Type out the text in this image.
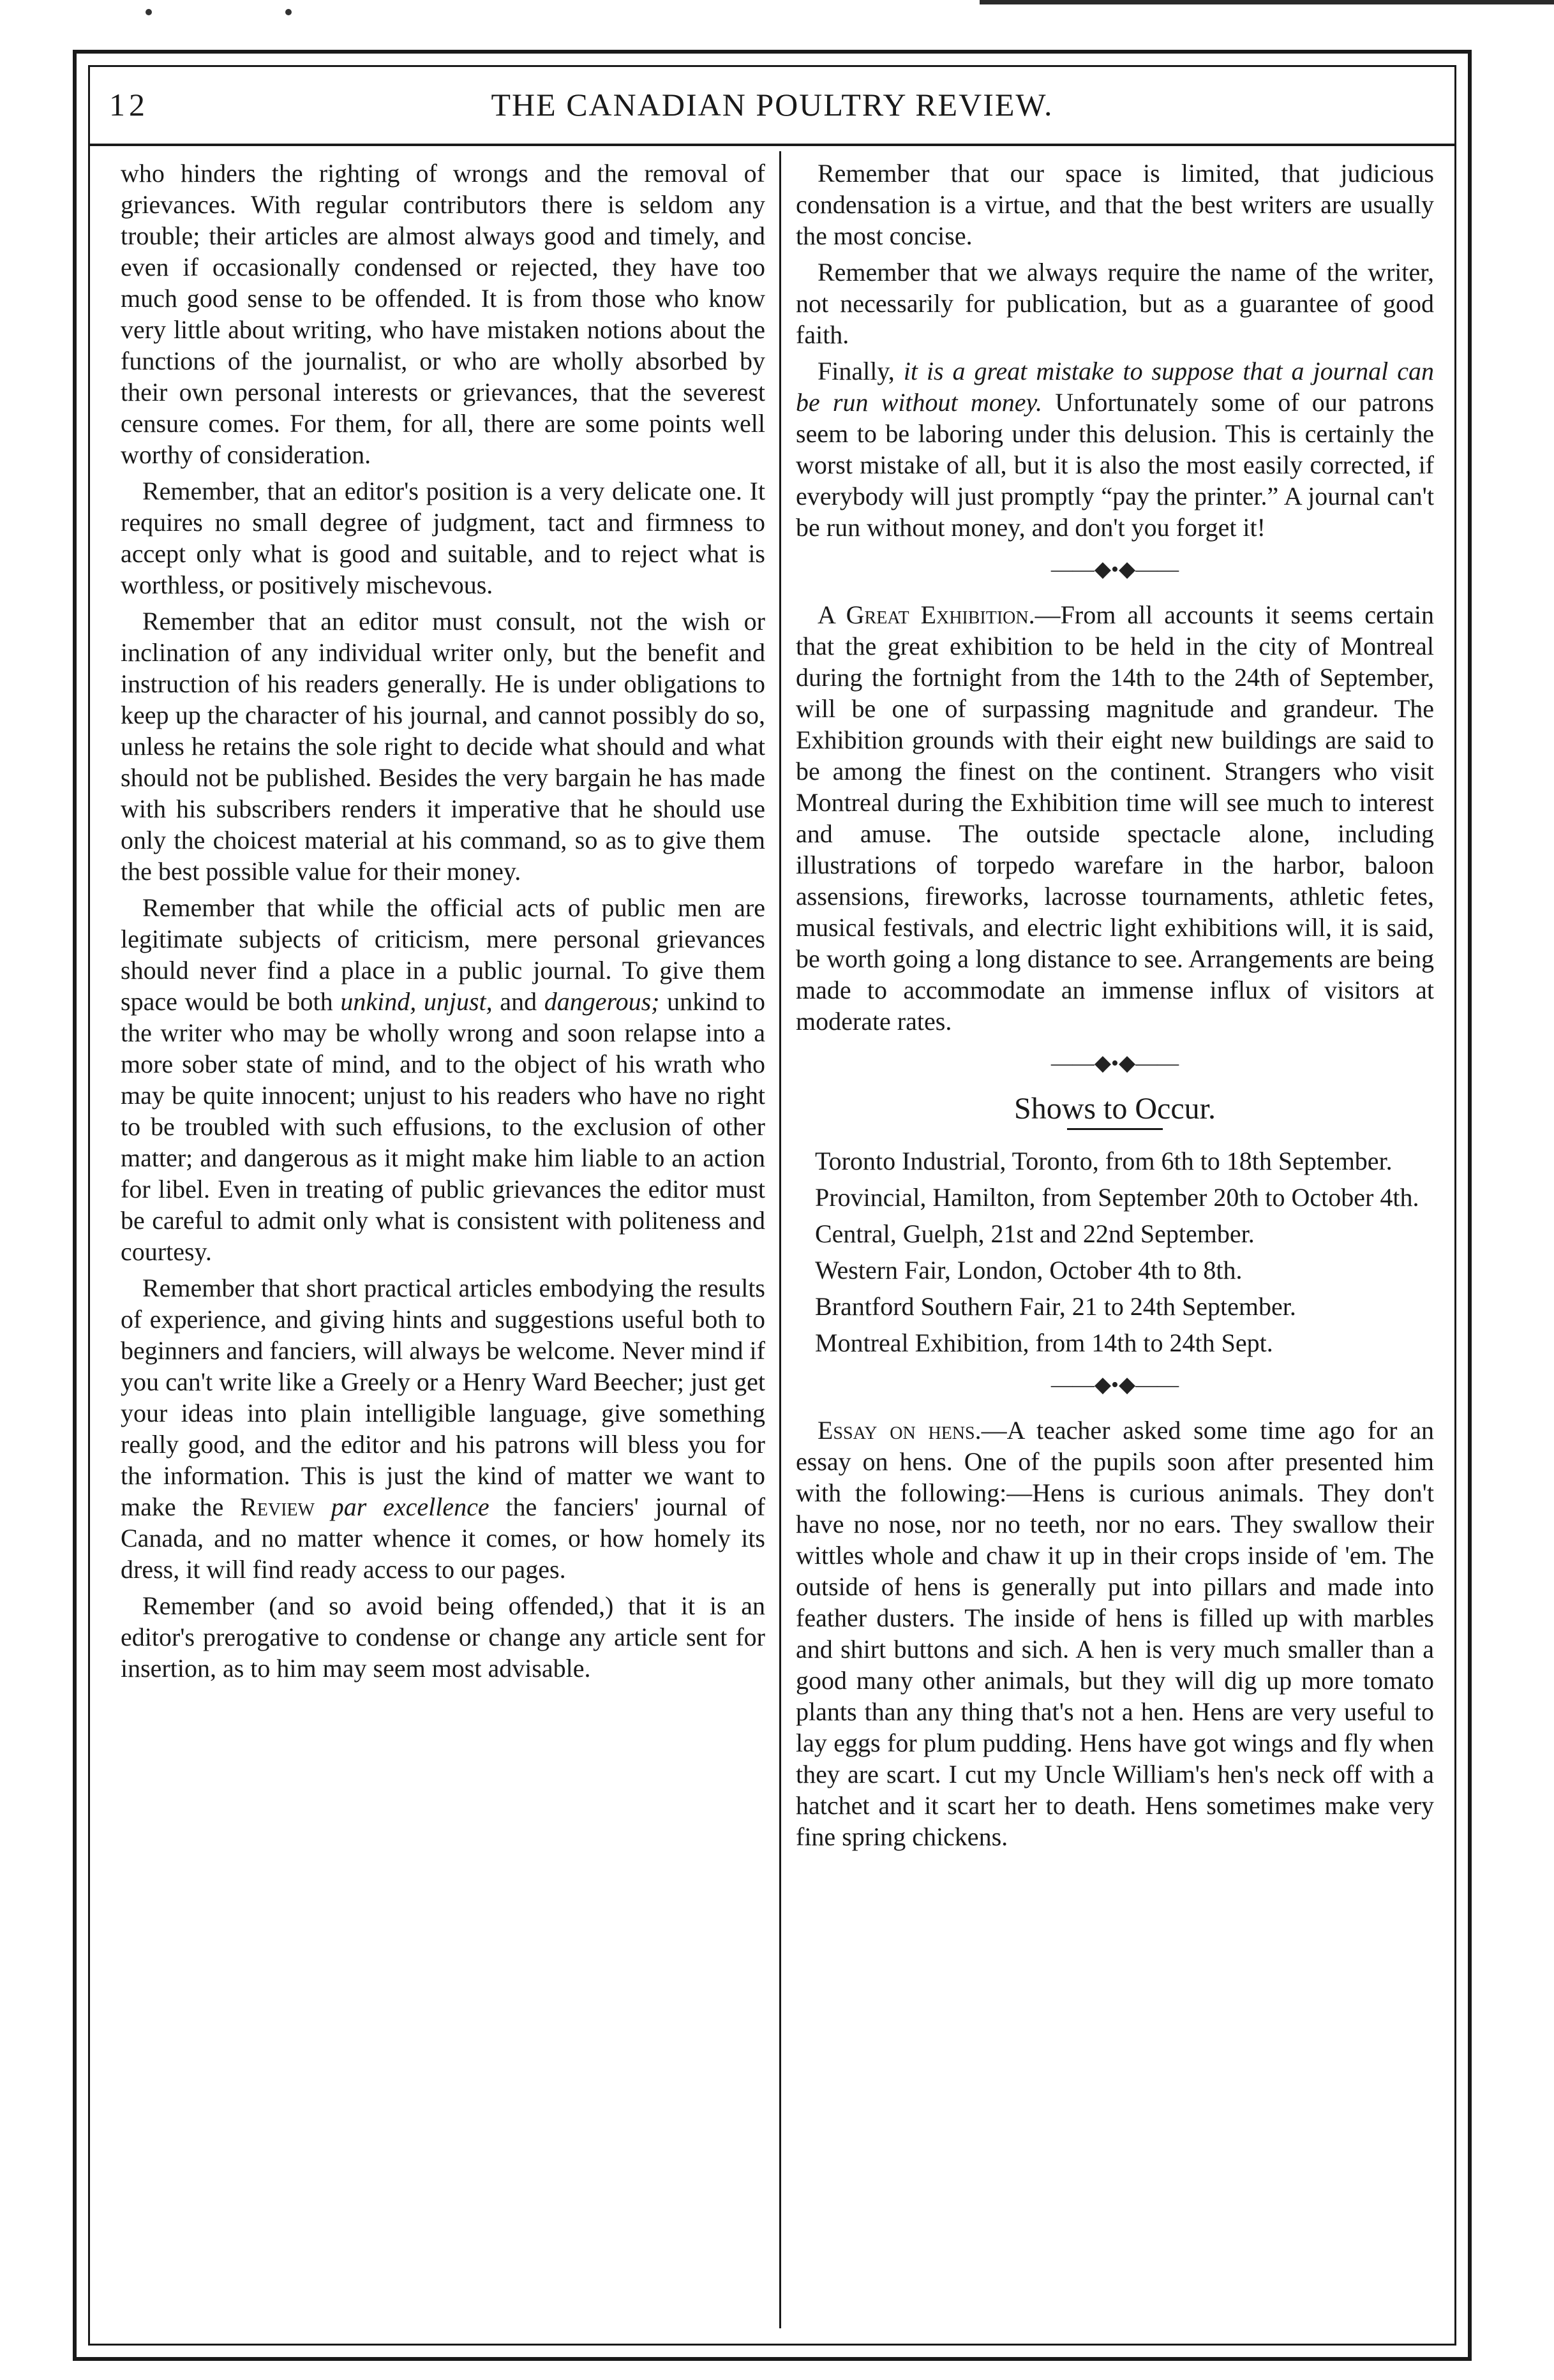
12	THE CANADIAN POULTRY REVIEW.

who hinders the righting of wrongs and the removal of grievances. With regular contributors there is seldom any trouble; their articles are almost always good and timely, and even if occasionally condensed or rejected, they have too much good sense to be offended. It is from those who know very little about writing, who have mistaken notions about the functions of the journalist, or who are wholly absorbed by their own personal interests or grievances, that the severest censure comes. For them, for all, there are some points well worthy of consideration.

Remember, that an editor's position is a very delicate one. It requires no small degree of judgment, tact and firmness to accept only what is good and suitable, and to reject what is worthless, or positively mischevous.

Remember that an editor must consult, not the wish or inclination of any individual writer only, but the benefit and instruction of his readers generally. He is under obligations to keep up the character of his journal, and cannot possibly do so, unless he retains the sole right to decide what should and what should not be published. Besides the very bargain he has made with his subscribers renders it imperative that he should use only the choicest material at his command, so as to give them the best possible value for their money.

Remember that while the official acts of public men are legitimate subjects of criticism, mere personal grievances should never find a place in a public journal. To give them space would be both unkind, unjust, and dangerous; unkind to the writer who may be wholly wrong and soon relapse into a more sober state of mind, and to the object of his wrath who may be quite innocent; unjust to his readers who have no right to be troubled with such effusions, to the exclusion of other matter; and dangerous as it might make him liable to an action for libel. Even in treating of public grievances the editor must be careful to admit only what is consistent with politeness and courtesy.

Remember that short practical articles embodying the results of experience, and giving hints and suggestions useful both to beginners and fanciers, will always be welcome. Never mind if you can't write like a Greely or a Henry Ward Beecher; just get your ideas into plain intelligible language, give something really good, and the editor and his patrons will bless you for the information. This is just the kind of matter we want to make the Review par excellence the fanciers' journal of Canada, and no matter whence it comes, or how homely its dress, it will find ready access to our pages.

Remember (and so avoid being offended,) that it is an editor's prerogative to condense or change any article sent for insertion, as to him may seem most advisable.

Remember that our space is limited, that judicious condensation is a virtue, and that the best writers are usually the most concise.

Remember that we always require the name of the writer, not necessarily for publication, but as a guarantee of good faith.

Finally, it is a great mistake to suppose that a journal can be run without money. Unfortunately some of our patrons seem to be laboring under this delusion. This is certainly the worst mistake of all, but it is also the most easily corrected, if everybody will just promptly “pay the printer.” A journal can't be run without money, and don't you forget it!

——◆•◆——

A Great Exhibition.—From all accounts it seems certain that the great exhibition to be held in the city of Montreal during the fortnight from the 14th to the 24th of September, will be one of surpassing magnitude and grandeur. The Exhibition grounds with their eight new buildings are said to be among the finest on the continent. Strangers who visit Montreal during the Exhibition time will see much to interest and amuse. The outside spectacle alone, including illustrations of torpedo warefare in the harbor, baloon assensions, fireworks, lacrosse tournaments, athletic fetes, musical festivals, and electric light exhibitions will, it is said, be worth going a long distance to see. Arrangements are being made to accommodate an immense influx of visitors at moderate rates.

——◆•◆——
Shows to Occur.

Toronto Industrial, Toronto, from 6th to 18th September.

Provincial, Hamilton, from September 20th to October 4th.

Central, Guelph, 21st and 22nd September.

Western Fair, London, October 4th to 8th.

Brantford Southern Fair, 21 to 24th September.

Montreal Exhibition, from 14th to 24th Sept.

——◆•◆——

Essay on hens.—A teacher asked some time ago for an essay on hens. One of the pupils soon after presented him with the following:—Hens is curious animals. They don't have no nose, nor no teeth, nor no ears. They swallow their wittles whole and chaw it up in their crops inside of 'em. The outside of hens is generally put into pillars and made into feather dusters. The inside of hens is filled up with marbles and shirt buttons and sich. A hen is very much smaller than a good many other animals, but they will dig up more tomato plants than any thing that's not a hen. Hens are very useful to lay eggs for plum pudding. Hens have got wings and fly when they are scart. I cut my Uncle William's hen's neck off with a hatchet and it scart her to death. Hens sometimes make very fine spring chickens.
